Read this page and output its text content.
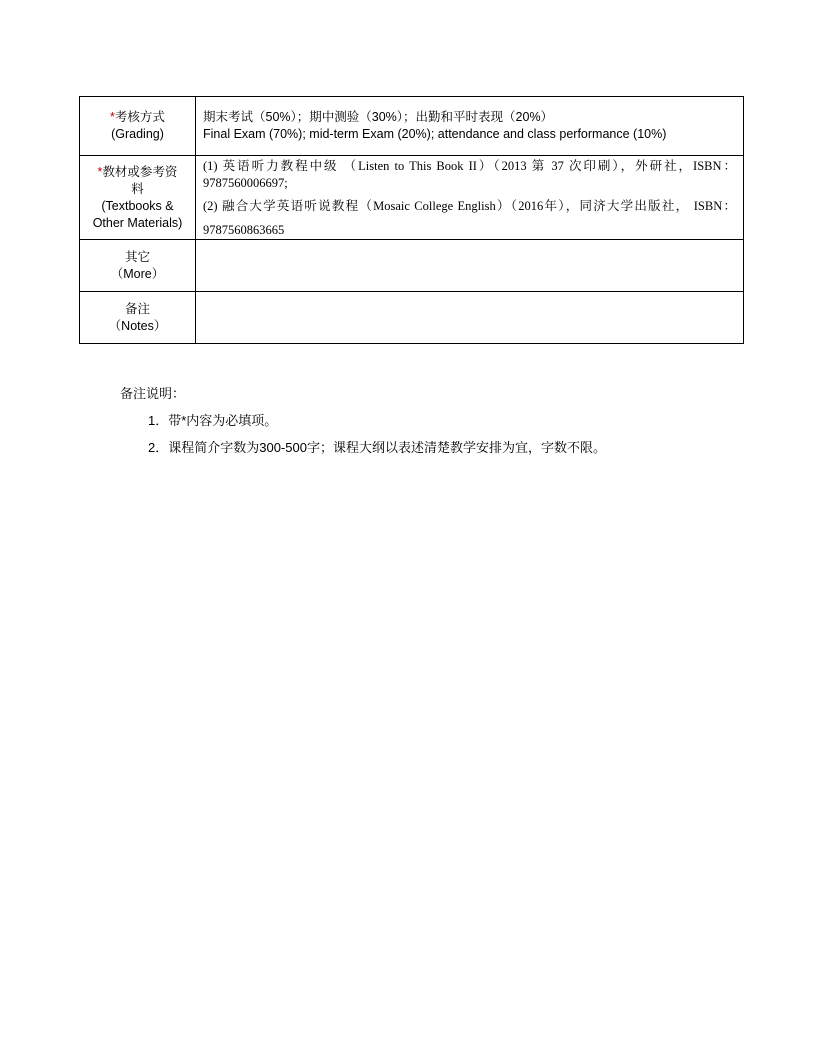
*考核方式
(Grading)	期末考试（50%）；期中测验（30%）；出勤和平时表现（20%）
Final Exam (70%); mid-term Exam (20%); attendance and class performance (10%)

*教材或参考资
料
(Textbooks &
Other Materials)	(1) 英语听力教程中级 （Listen to This Book II）（2013 第 37 次印刷），外研社，ISBN：
9787560006697;
(2) 融合大学英语听说教程（Mosaic College English）（2016年），同济大学出版社， ISBN：
9787560863665

其它
（More）	

备注
（Notes）	

备注说明：
1．带*内容为必填项。
2．课程简介字数为300-500字；课程大纲以表述清楚教学安排为宜，字数不限。
